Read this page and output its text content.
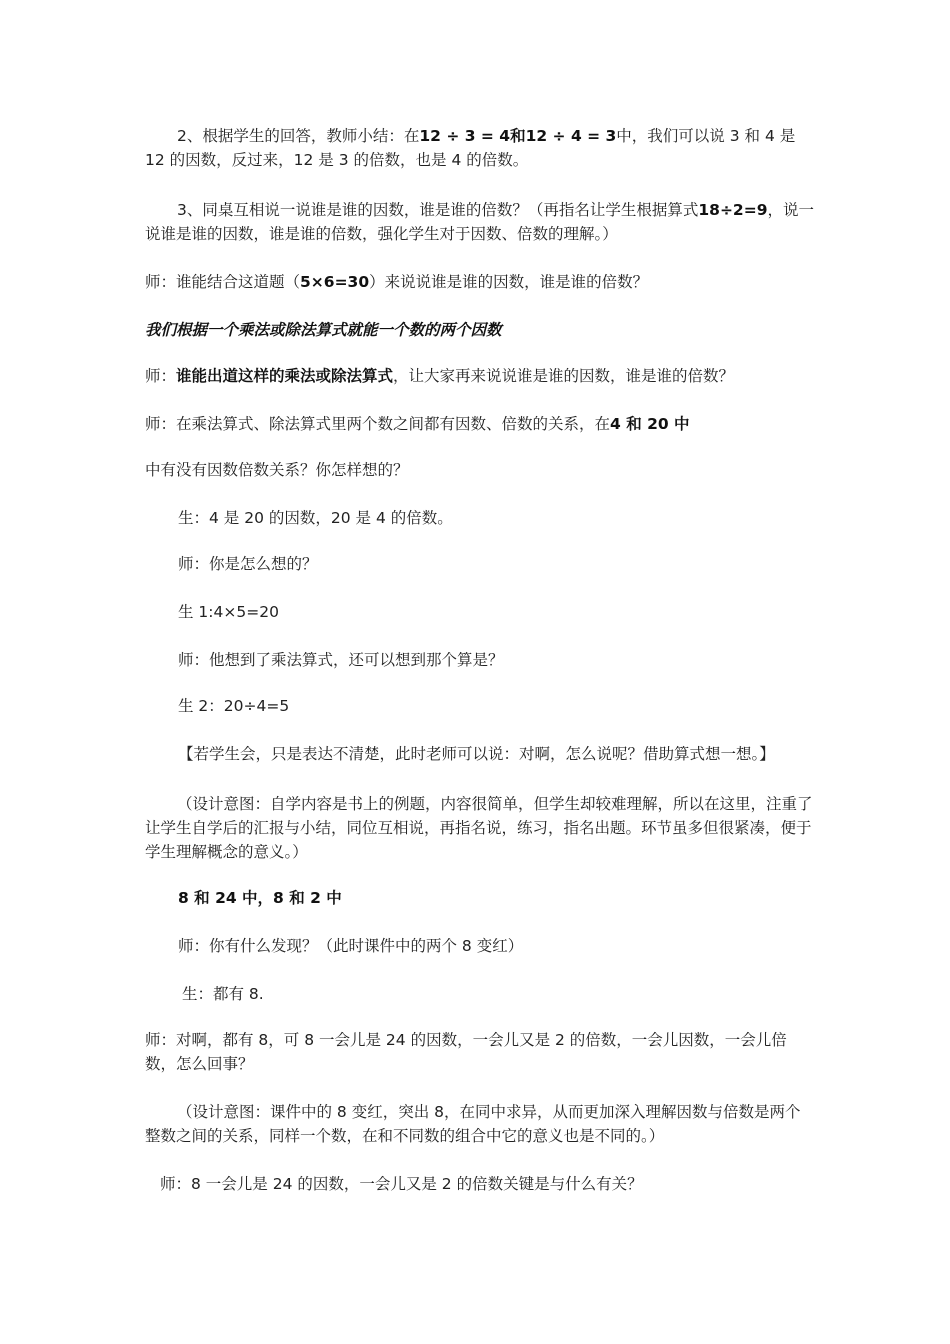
2、根据学生的回答，教师小结：在12 ÷ 3 = 4和12 ÷ 4 = 3中，我们可以说 3 和 4 是 12 的因数，反过来，12 是 3 的倍数，也是 4 的倍数。

3、同桌互相说一说谁是谁的因数，谁是谁的倍数？（再指名让学生根据算式18÷2=9，说一说谁是谁的因数，谁是谁的倍数，强化学生对于因数、倍数的理解。）

师：谁能结合这道题（5×6=30）来说说谁是谁的因数，谁是谁的倍数？

我们根据一个乘法或除法算式就能一个数的两个因数

师：谁能出道这样的乘法或除法算式，让大家再来说说谁是谁的因数，谁是谁的倍数？

师：在乘法算式、除法算式里两个数之间都有因数、倍数的关系，在4 和 20 中

中有没有因数倍数关系？你怎样想的？

生：4 是 20 的因数，20 是 4 的倍数。

师：你是怎么想的？

生 1:4×5=20

师：他想到了乘法算式，还可以想到那个算是？

生 2：20÷4=5

【若学生会，只是表达不清楚，此时老师可以说：对啊，怎么说呢？借助算式想一想。】

（设计意图：自学内容是书上的例题，内容很简单，但学生却较难理解，所以在这里，注重了让学生自学后的汇报与小结，同位互相说，再指名说，练习，指名出题。环节虽多但很紧凑，便于学生理解概念的意义。）

8 和 24 中，8 和 2 中

师：你有什么发现？（此时课件中的两个 8 变红）

生：都有 8.

师：对啊，都有 8，可 8 一会儿是 24 的因数，一会儿又是 2 的倍数，一会儿因数，一会儿倍数，怎么回事？

（设计意图：课件中的 8 变红，突出 8，在同中求异，从而更加深入理解因数与倍数是两个整数之间的关系，同样一个数，在和不同数的组合中它的意义也是不同的。）

师：8 一会儿是 24 的因数，一会儿又是 2 的倍数关键是与什么有关？
